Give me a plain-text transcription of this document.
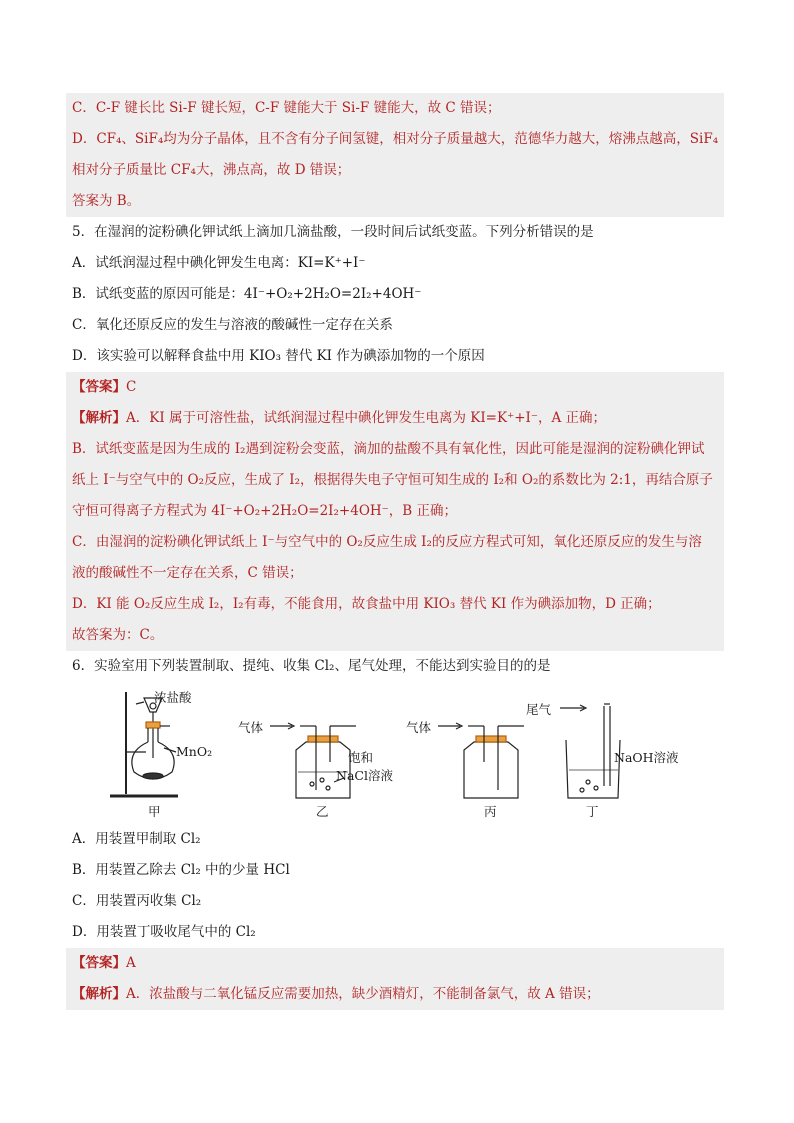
C．C-F 键长比 Si-F 键长短，C-F 键能大于 Si-F 键能大，故 C 错误；
D．CF₄、SiF₄均为分子晶体，且不含有分子间氢键，相对分子质量越大，范德华力越大，熔沸点越高，SiF₄
相对分子质量比 CF₄大，沸点高，故 D 错误；
答案为 B。
5．在湿润的淀粉碘化钾试纸上滴加几滴盐酸，一段时间后试纸变蓝。下列分析错误的是
A．试纸润湿过程中碘化钾发生电离：KI=K⁺+I⁻
B．试纸变蓝的原因可能是：4I⁻+O₂+2H₂O=2I₂+4OH⁻
C．氧化还原反应的发生与溶液的酸碱性一定存在关系
D．该实验可以解释食盐中用 KIO₃ 替代 KI 作为碘添加物的一个原因
【答案】C
【解析】A．KI 属于可溶性盐，试纸润湿过程中碘化钾发生电离为 KI=K⁺+I⁻，A 正确；
B．试纸变蓝是因为生成的 I₂遇到淀粉会变蓝，滴加的盐酸不具有氧化性，因此可能是湿润的淀粉碘化钾试
纸上 I⁻与空气中的 O₂反应，生成了 I₂，根据得失电子守恒可知生成的 I₂和 O₂的系数比为 2:1，再结合原子
守恒可得离子方程式为 4I⁻+O₂+2H₂O=2I₂+4OH⁻，B 正确；
C．由湿润的淀粉碘化钾试纸上 I⁻与空气中的 O₂反应生成 I₂的反应方程式可知，氧化还原反应的发生与溶
液的酸碱性不一定存在关系，C 错误；
D．KI 能 O₂反应生成 I₂，I₂有毒，不能食用，故食盐中用 KIO₃ 替代 KI 作为碘添加物，D 正确；
故答案为：C。
6．实验室用下列装置制取、提纯、收集 Cl₂、尾气处理，不能达到实验目的的是
浓盐酸
MnO₂
气体
饱和
NaCl溶液
气体
尾气
NaOH溶液
甲	乙	丙	丁
A．用装置甲制取 Cl₂
B．用装置乙除去 Cl₂ 中的少量 HCl
C．用装置丙收集 Cl₂
D．用装置丁吸收尾气中的 Cl₂
【答案】A
【解析】A．浓盐酸与二氧化锰反应需要加热，缺少酒精灯，不能制备氯气，故 A 错误；
